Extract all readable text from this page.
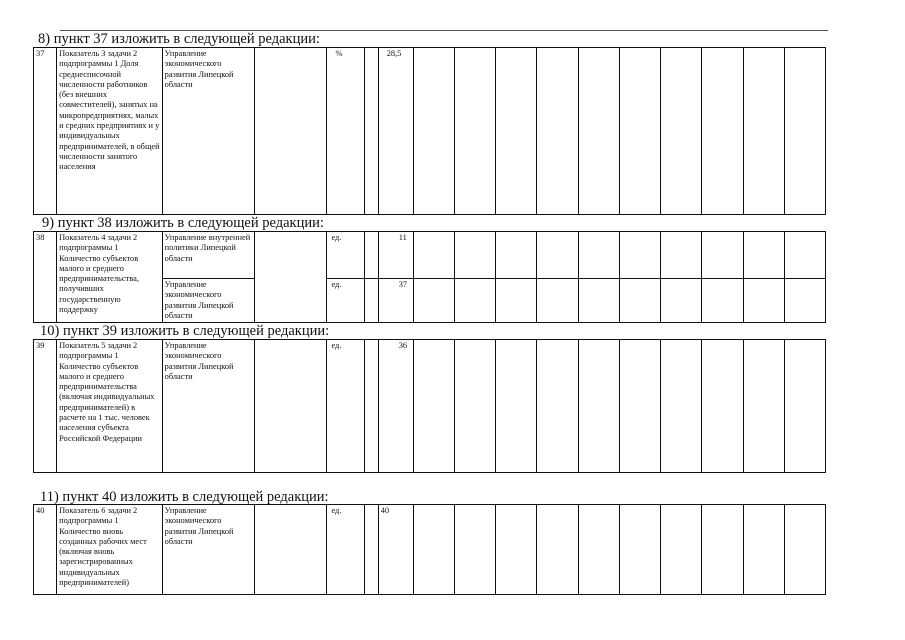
8) пункт 37 изложить в следующей редакции:
37	Показатель 3 задачи 2 подпрограммы 1 Доля среднесписочной численности работников (без внешних совместителей), занятых на микропредприятиях, малых и средних предприятиях и у индивидуальных предпринимателей, в общей численности занятого населения	Управление экономического развития Липецкой области		%		28,5										
9) пункт 38 изложить в следующей редакции:
38	Показатель 4 задачи 2 подпрограммы 1 Количество субъектов малого и среднего предпринимательства, получивших государственную поддержку	Управление внутренней политики Липецкой области		ед.		11										
		Управление экономического развития Липецкой области		ед.		37										
10) пункт 39 изложить в следующей редакции:
39	Показатель 5 задачи 2 подпрограммы 1 Количество субъектов малого и среднего предпринимательства (включая индивидуальных предпринимателей) в расчете на 1 тыс. человек населения субъекта Российской Федерации	Управление экономического развития Липецкой области		ед.		36										
11) пункт 40 изложить в следующей редакции:
40	Показатель 6 задачи 2 подпрограммы 1 Количество вновь созданных рабочих мест (включая вновь зарегистрированных индивидуальных предпринимателей)	Управление экономического развития Липецкой области		ед.		40										
